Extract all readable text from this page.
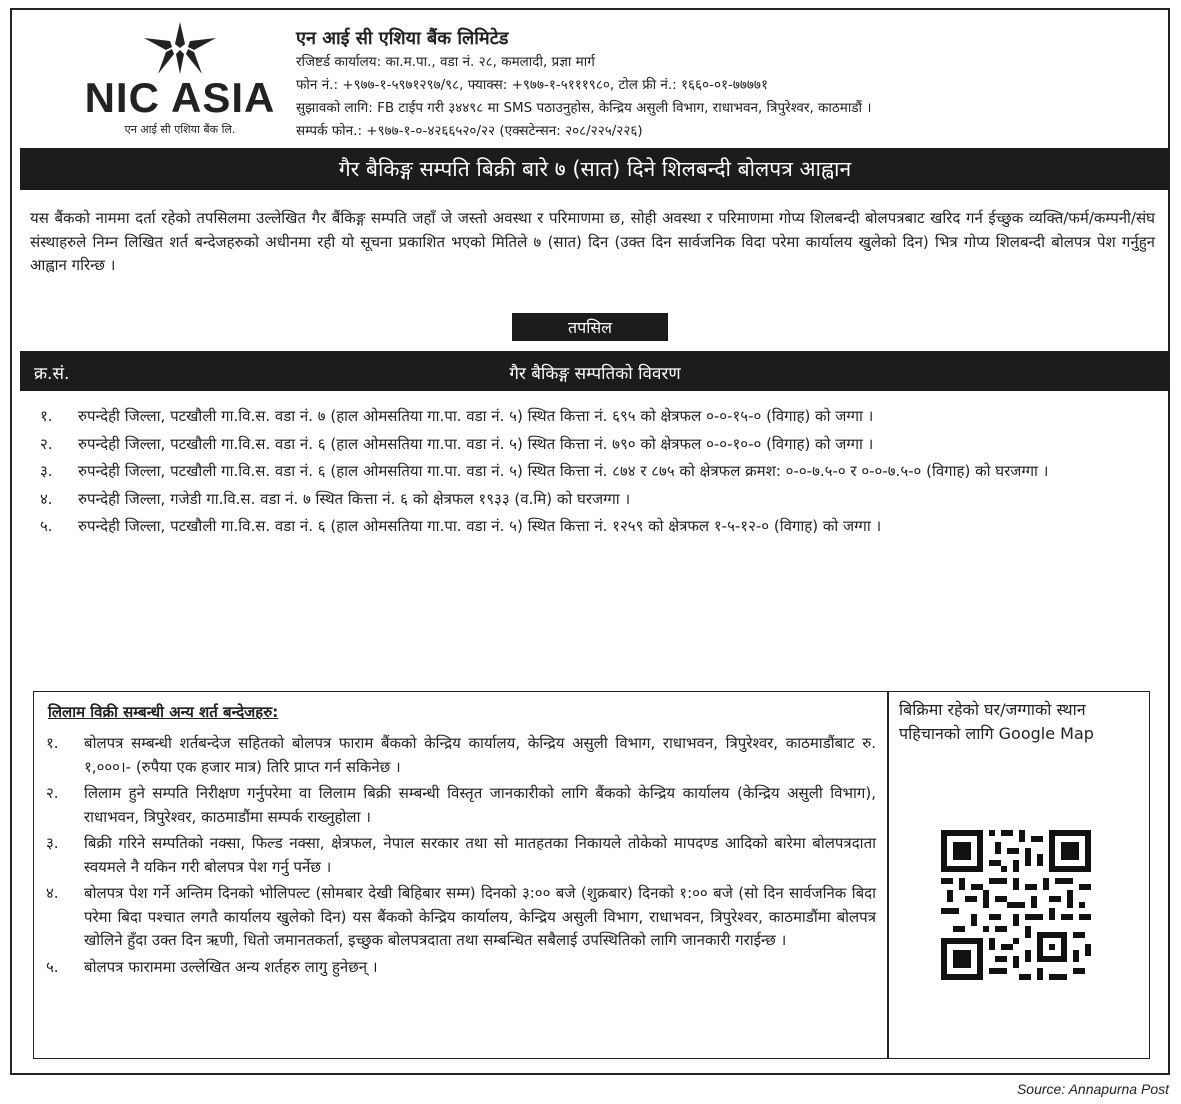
NIC ASIA
एन आई सी एशिया बैंक लि.
एन आई सी एशिया बैंक लिमिटेड
रजिष्टर्ड कार्यालय: का.म.पा., वडा नं. २८, कमलादी, प्रज्ञा मार्ग
फोन नं.: +९७७-१-५९७१२९७/९८, फ्याक्स: +९७७-१-५१११९८०, टोल फ्री नं.: १६६०-०१-७७७७१
सुझावको लागि: FB टाईप गरी ३४४९८ मा SMS पठाउनुहोस, केन्द्रिय असुली विभाग, राधाभवन, त्रिपुरेश्वर, काठमाडौं ।
सम्पर्क फोन.: +९७७-१-०-४२६६५२०/२२ (एक्सटेन्सन: २०८/२२५/२२६)
गैर बैकिङ्ग सम्पति बिक्री बारे ७ (सात) दिने शिलबन्दी बोलपत्र आह्वान
यस बैंकको नाममा दर्ता रहेको तपसिलमा उल्लेखित गैर बैंकिङ्ग सम्पति जहाँ जे जस्तो अवस्था र परिमाणमा छ, सोही अवस्था र परिमाणमा गोप्य शिलबन्दी बोलपत्रबाट खरिद गर्न ईच्छुक व्यक्ति/फर्म/कम्पनी/संघ संस्थाहरुले निम्न लिखित शर्त बन्देजहरुको अधीनमा रही यो सूचना प्रकाशित भएको मितिले ७ (सात) दिन (उक्त दिन सार्वजनिक विदा परेमा कार्यालय खुलेको दिन) भित्र गोप्य शिलबन्दी बोलपत्र पेश गर्नुहुन आह्वान गरिन्छ ।
तपसिल
गैर बैकिङ्ग सम्पतिको विवरण
क्र.सं.
१. रुपन्देही जिल्ला, पटखौली गा.वि.स. वडा नं. ७ (हाल ओमसतिया गा.पा. वडा नं. ५) स्थित कित्ता नं. ६९५ को क्षेत्रफल ०-०-१५-० (विगाह) को जग्गा ।
२. रुपन्देही जिल्ला, पटखौली गा.वि.स. वडा नं. ६ (हाल ओमसतिया गा.पा. वडा नं. ५) स्थित कित्ता नं. ७९० को क्षेत्रफल ०-०-१०-० (विगाह) को जग्गा ।
३. रुपन्देही जिल्ला, पटखौली गा.वि.स. वडा नं. ६ (हाल ओमसतिया गा.पा. वडा नं. ५) स्थित कित्ता नं. ८७४ र ८७५ को क्षेत्रफल क्रमश: ०-०-७.५-० र ०-०-७.५-० (विगाह) को घरजग्गा ।
४. रुपन्देही जिल्ला, गजेडी गा.वि.स. वडा नं. ७ स्थित कित्ता नं. ६ को क्षेत्रफल १९३३ (व.मि) को घरजग्गा ।
५. रुपन्देही जिल्ला, पटखौली गा.वि.स. वडा नं. ६ (हाल ओमसतिया गा.पा. वडा नं. ५) स्थित कित्ता नं. १२५९ को क्षेत्रफल १-५-१२-० (विगाह) को जग्गा ।
लिलाम विक्री सम्बन्धी अन्य शर्त बन्देजहरु:
१. बोलपत्र सम्बन्धी शर्तबन्देज सहितको बोलपत्र फाराम बैंकको केन्द्रिय कार्यालय, केन्द्रिय असुली विभाग, राधाभवन, त्रिपुरेश्वर, काठमाडौंबाट रु. १,०००।- (रुपैया एक हजार मात्र) तिरि प्राप्त गर्न सकिनेछ ।
२. लिलाम हुने सम्पति निरीक्षण गर्नुपरेमा वा लिलाम बिक्री सम्बन्धी विस्तृत जानकारीको लागि बैंकको केन्द्रिय कार्यालय (केन्द्रिय असुली विभाग), राधाभवन, त्रिपुरेश्वर, काठमाडौंमा सम्पर्क राख्नुहोला ।
३. बिक्री गरिने सम्पतिको नक्सा, फिल्ड नक्सा, क्षेत्रफल, नेपाल सरकार तथा सो मातहतका निकायले तोकेको मापदण्ड आदिको बारेमा बोलपत्रदाता स्वयमले नै यकिन गरी बोलपत्र पेश गर्नु पर्नेछ ।
४. बोलपत्र पेश गर्ने अन्तिम दिनको भोलिपल्ट (सोमबार देखी बिहिबार सम्म) दिनको ३:०० बजे (शुक्रबार) दिनको १:०० बजे (सो दिन सार्वजनिक बिदा परेमा बिदा पश्चात लगतै कार्यालय खुलेको दिन) यस बैंकको केन्द्रिय कार्यालय, केन्द्रिय असुली विभाग, राधाभवन, त्रिपुरेश्वर, काठमाडौंमा बोलपत्र खोलिने हुँदा उक्त दिन ऋणी, धितो जमानतकर्ता, इच्छुक बोलपत्रदाता तथा सम्बन्धित सबैलाई उपस्थितिको लागि जानकारी गराईन्छ ।
५. बोलपत्र फाराममा उल्लेखित अन्य शर्तहरु लागु हुनेछन् ।
बिक्रिमा रहेको घर/जग्गाको स्थान पहिचानको लागि Google Map
Source: Annapurna Post
